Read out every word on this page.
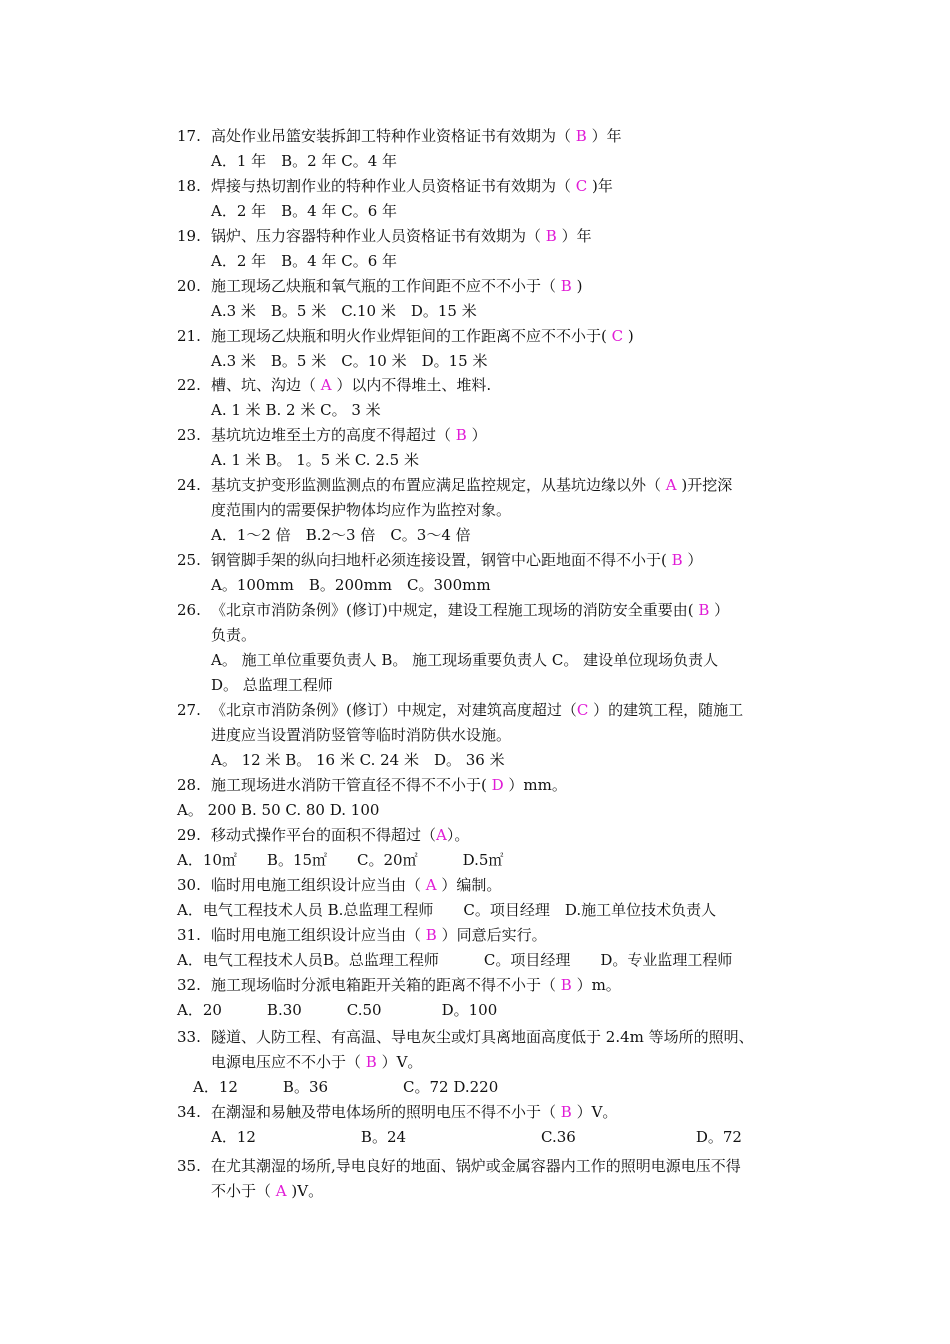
17. 高处作业吊篮安装拆卸工特种作业资格证书有效期为（ B ）年
A．1 年　B。2 年 C。4 年
18. 焊接与热切割作业的特种作业人员资格证书有效期为（ C )年
A．2 年　B。4 年 C。6 年
19. 锅炉、压力容器特种作业人员资格证书有效期为（ B ）年
A．2 年　B。4 年 C。6 年
20. 施工现场乙炔瓶和氧气瓶的工作间距不应不不小于（ B )
A.3 米　B。5 米　C.10 米　D。15 米
21. 施工现场乙炔瓶和明火作业焊钜间的工作距离不应不不小于( C )
A.3 米　B。5 米　C。10 米　D。15 米
22. 槽、坑、沟边（ A ）以内不得堆土、堆料.
A. 1 米 B. 2 米 C。 3 米
23. 基坑坑边堆至土方的高度不得超过（ B ）
A. 1 米 B。 1。5 米 C. 2.5 米
24. 基坑支护变形监测监测点的布置应满足监控规定，从基坑边缘以外（ A )开挖深
度范围内的需要保护物体均应作为监控对象。
A．1～2 倍　B.2～3 倍　C。3～4 倍
25. 钢管脚手架的纵向扫地杆必须连接设置，钢管中心距地面不得不小于( B ）
A。100mm　B。200mm　C。300mm
26. 《北京市消防条例》(修订)中规定，建设工程施工现场的消防安全重要由( B ）
负责。
A。 施工单位重要负责人 B。 施工现场重要负责人 C。 建设单位现场负责人
D。 总监理工程师
27. 《北京市消防条例》(修订）中规定，对建筑高度超过（C ）的建筑工程，随施工
进度应当设置消防竖管等临时消防供水设施。
A。 12 米 B。 16 米 C. 24 米　D。 36 米
28. 施工现场进水消防干管直径不得不不小于( D ）mm。
A。 200 B. 50 C. 80 D. 100
29. 移动式操作平台的面积不得超过（A）。
A．10㎡　　B。15㎡　　C。20㎡　　　D.5㎡
30. 临时用电施工组织设计应当由（ A ）编制。
A．电气工程技术人员 B.总监理工程师　　C。项目经理　D.施工单位技术负责人
31. 临时用电施工组织设计应当由（ B ）同意后实行。
A．电气工程技术人员B。总监理工程师　　　C。项目经理　　D。专业监理工程师
32. 施工现场临时分派电箱距开关箱的距离不得不小于（ B ）m。
A．20　　　B.30　　　C.50　　　　D。100
33. 隧道、人防工程、有高温、导电灰尘或灯具离地面高度低于 2.4m 等场所的照明、
电源电压应不不小于（ B ）V。
A．12　　　B。36　　　　　C。72 D.220
34. 在潮湿和易触及带电体场所的照明电压不得不小于（ B ）V。
A．12　　　　　　　B。24　　　　　　　　　C.36　　　　　　　　D。72
35. 在尤其潮湿的场所,导电良好的地面、锅炉或金属容器内工作的照明电源电压不得
不小于（ A )V。
